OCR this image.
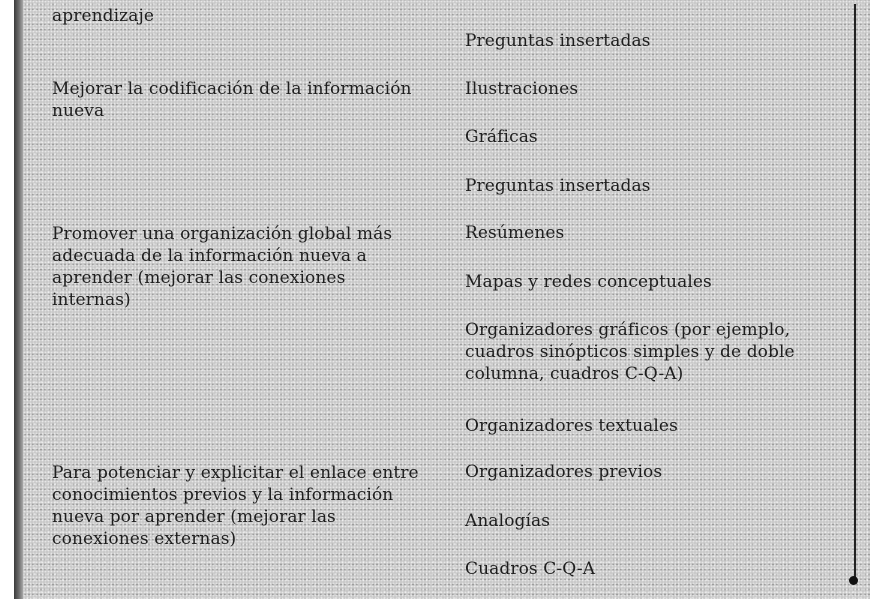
aprendizaje
Mejorar la codificación de la información nueva
Promover una organización global más adecuada de la información nueva a aprender (mejorar las conexiones internas)
Para potenciar y explicitar el enlace entre conocimientos previos y la información nueva por aprender (mejorar las conexiones externas)
Preguntas insertadas
Ilustraciones
Gráficas
Preguntas insertadas
Resúmenes
Mapas y redes conceptuales
Organizadores gráficos (por ejemplo, cuadros sinópticos simples y de doble columna, cuadros C-Q-A)
Organizadores textuales
Organizadores previos
Analogías
Cuadros C-Q-A
